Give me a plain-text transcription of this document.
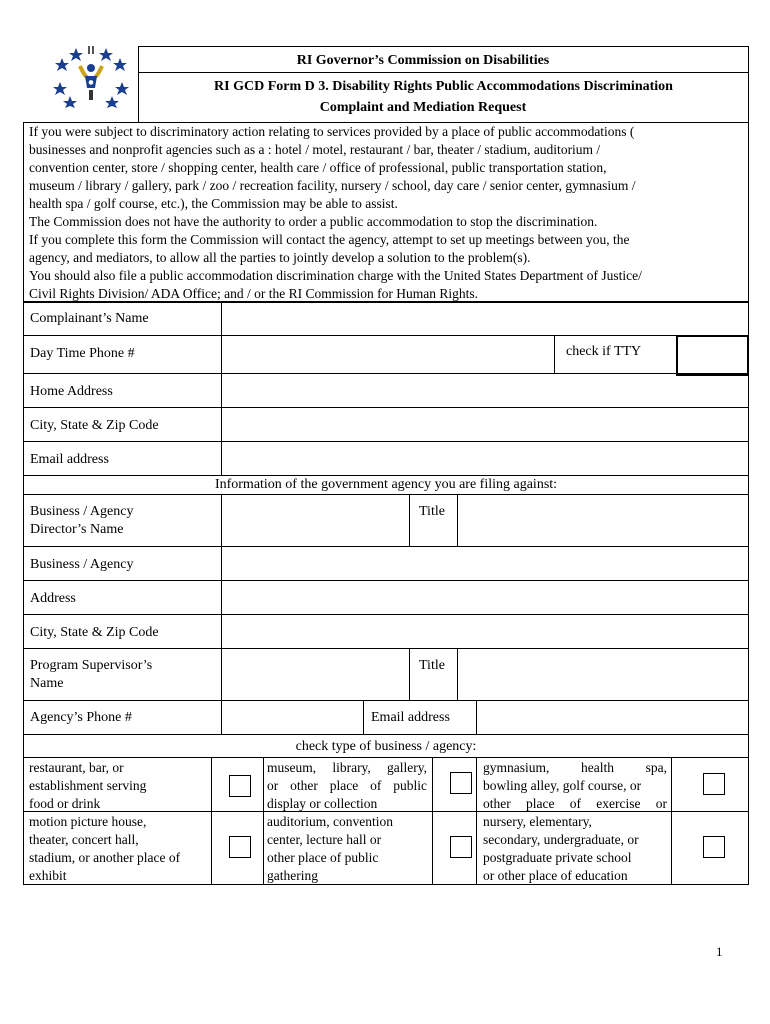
●
RI Governor’s Commission on Disabilities
RI GCD Form D 3. Disability Rights Public Accommodations Discrimination
Complaint and Mediation Request
If you were subject to discriminatory action relating to services provided by a place of public accommodations (
businesses and nonprofit agencies such as a : hotel / motel, restaurant / bar, theater / stadium, auditorium /
convention center, store / shopping center, health care / office of professional, public transportation station,
museum / library / gallery, park / zoo / recreation facility, nursery / school, day care / senior center, gymnasium /
health spa / golf course, etc.), the Commission may be able to assist.
The Commission does not have the authority to order a public accommodation to stop the discrimination.
If you complete this form the Commission will contact the agency, attempt to set up meetings between you, the
agency, and mediators, to allow all the parties to jointly develop a solution to the problem(s).
You should also file a public accommodation discrimination charge with the United States Department of Justice/
Civil Rights Division/ ADA Office; and / or the RI Commission for Human Rights.
Complainant’s Name
Day Time Phone #	check if TTY
Home Address
City, State & Zip Code
Email address
Information of the government agency you are filing against:
Business / Agency
Director’s Name
Title
Business / Agency
Address
City, State & Zip Code
Program Supervisor’s
Name
Title
Agency’s Phone #	Email address
check type of business / agency:
restaurant, bar, or
establishment serving
food or drink
museum, library, gallery,
or other place of public
display or collection
gymnasium, health spa,
bowling alley, golf course, or
other place of exercise or
motion picture house,
theater, concert hall,
stadium, or another place of
exhibit
auditorium, convention
center, lecture hall or
other place of public
gathering
nursery, elementary,
secondary, undergraduate, or
postgraduate private school
or other place of education
1
